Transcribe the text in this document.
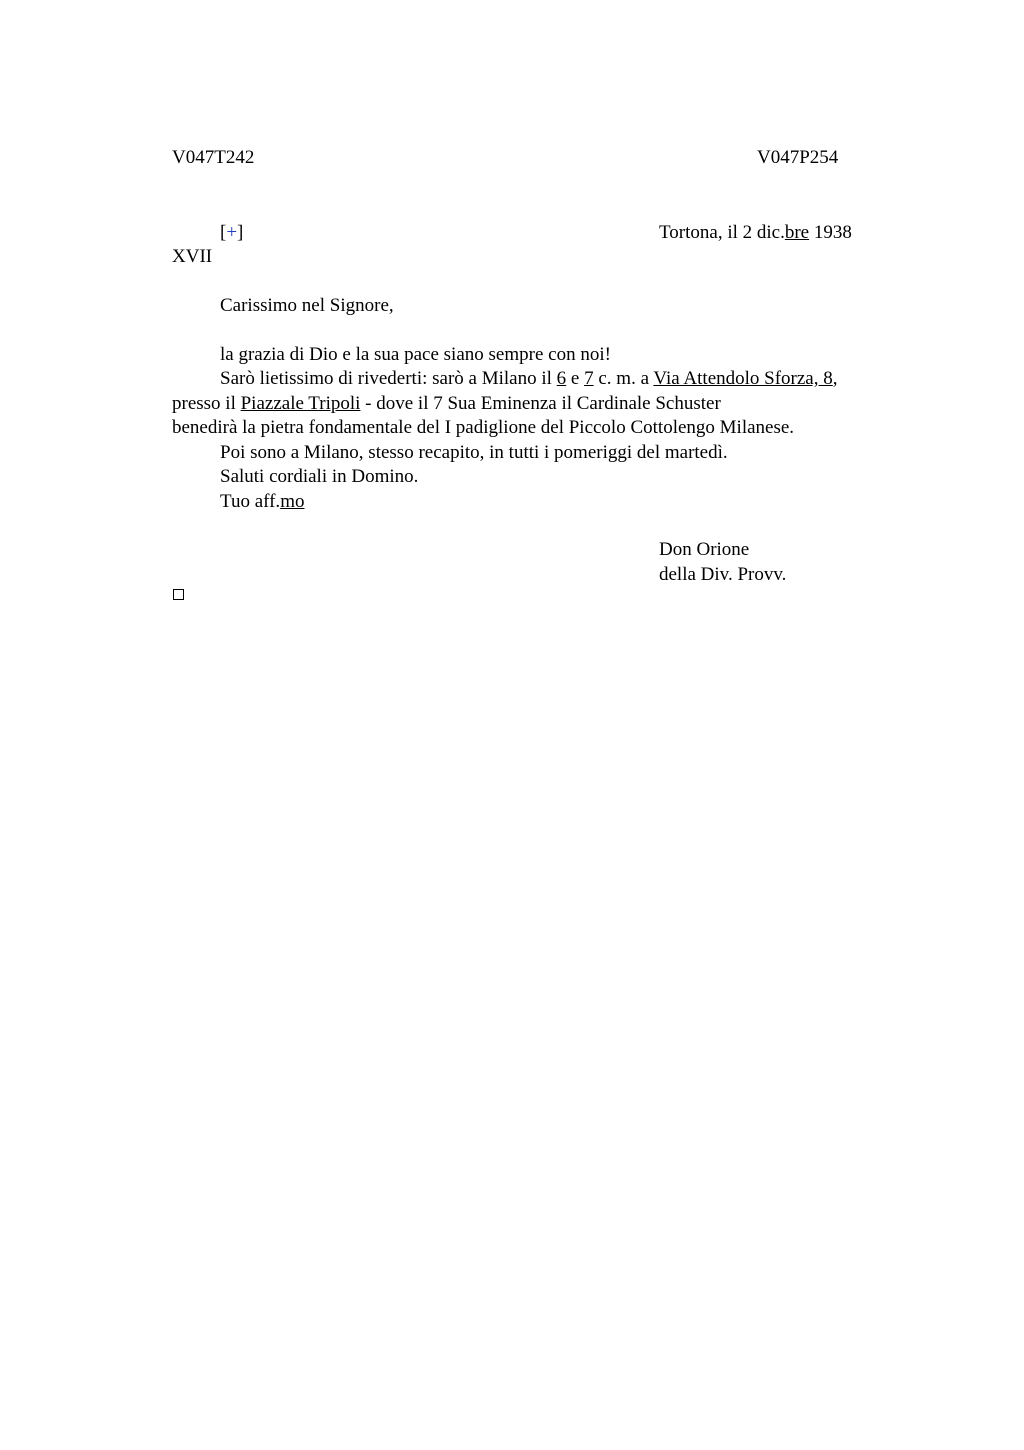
V047T242	V047P254
[+]	Tortona, il 2 dic.bre 1938
XVII
Carissimo nel Signore,
la grazia di Dio e la sua pace siano sempre con noi!
Sarò lietissimo di rivederti: sarò a Milano il 6 e 7 c. m. a Via Attendolo Sforza, 8,
presso il Piazzale Tripoli - dove il 7 Sua Eminenza il Cardinale Schuster
benedirà la pietra fondamentale del I padiglione del Piccolo Cottolengo Milanese.
Poi sono a Milano, stesso recapito, in tutti i pomeriggi del martedì.
Saluti cordiali in Domino.
Tuo aff.mo
Don Orione
della Div. Provv.
